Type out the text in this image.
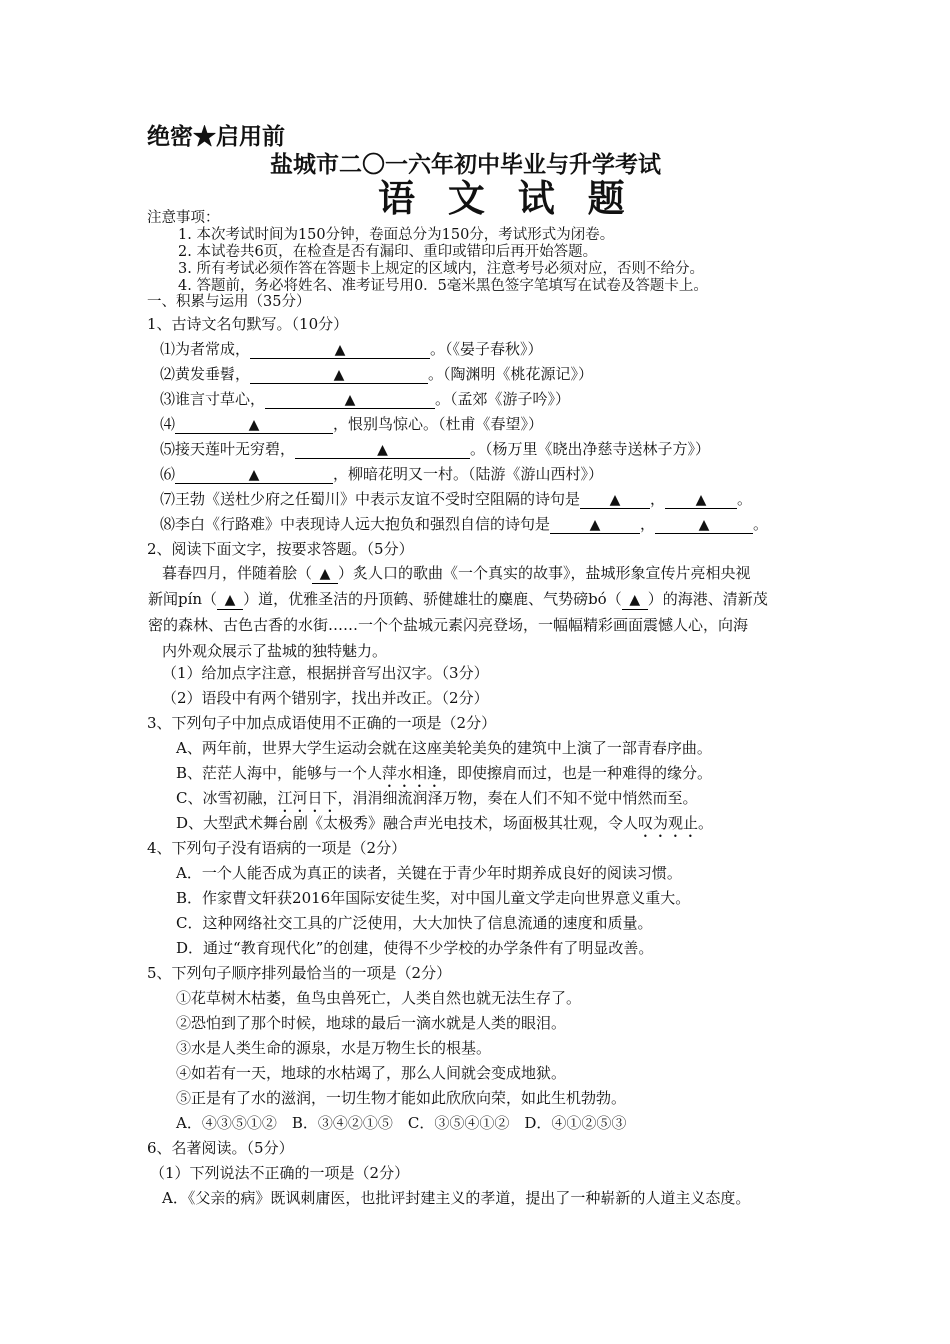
绝密★启用前
盐城市二〇一六年初中毕业与升学考试
语 文 试 题
注意事项：
1. 本次考试时间为150分钟，卷面总分为150分，考试形式为闭卷。
2. 本试卷共6页，在检查是否有漏印、重印或错印后再开始答题。
3. 所有考试必须作答在答题卡上规定的区域内，注意考号必须对应，否则不给分。
4. 答题前，务必将姓名、准考证号用0．5毫米黑色签字笔填写在试卷及答题卡上。
一、积累与运用（35分）
1、古诗文名句默写。（10分）
⑴为者常成，	▲	。（《晏子春秋》）
⑵黄发垂髫，	▲	。（陶渊明《桃花源记》）
⑶谁言寸草心，	▲	。（孟郊《游子吟》）
⑷	▲	，恨别鸟惊心。（杜甫《春望》）
⑸接天莲叶无穷碧，	▲	。（杨万里《晓出净慈寺送林子方》）
⑹	▲	，柳暗花明又一村。（陆游《游山西村》）
⑺王勃《送杜少府之任蜀川》中表示友谊不受时空阻隔的诗句是 ▲ ， ▲ 。
⑻李白《行路难》中表现诗人远大抱负和强烈自信的诗句是	▲	，	▲	。
2、阅读下面文字，按要求答题。（5分）
暮春四月，伴随着脍（ ▲ ）炙人口的歌曲《一个真实的故事》，盐城形象宣传片亮相央视
新闻pín（ ▲ ）道，优雅圣洁的丹顶鹤、骄健雄壮的麋鹿、气势磅bó（ ▲ ）的海港、清新茂
密的森林、古色古香的水街……一个个盐城元素闪亮登场，一幅幅精彩画面震憾人心，向海
内外观众展示了盐城的独特魅力。
（1）给加点字注意，根据拼音写出汉字。（3分）
（2）语段中有两个错别字，找出并改正。（2分）
3、下列句子中加点成语使用不正确的一项是（2分）
A、两年前，世界大学生运动会就在这座美轮美奂的建筑中上演了一部青春序曲。
B、茫茫人海中，能够与一个人萍水相逢，即使擦肩而过，也是一种难得的缘分。
C、冰雪初融，江河日下，涓涓细流润泽万物，奏在人们不知不觉中悄然而至。
D、大型武术舞台剧《太极秀》融合声光电技术，场面极其壮观，令人叹为观止。
4、下列句子没有语病的一项是（2分）
A．一个人能否成为真正的读者，关键在于青少年时期养成良好的阅读习惯。
B．作家曹文轩获2016年国际安徒生奖，对中国儿童文学走向世界意义重大。
C．这种网络社交工具的广泛使用，大大加快了信息流通的速度和质量。
D．通过“教育现代化”的创建，使得不少学校的办学条件有了明显改善。
5、下列句子顺序排列最恰当的一项是（2分）
①花草树木枯萎，鱼鸟虫兽死亡，人类自然也就无法生存了。
②恐怕到了那个时候，地球的最后一滴水就是人类的眼泪。
③水是人类生命的源泉，水是万物生长的根基。
④如若有一天，地球的水枯竭了，那么人间就会变成地狱。
⑤正是有了水的滋润，一切生物才能如此欣欣向荣，如此生机勃勃。
A．④③⑤①②　B．③④②①⑤　C．③⑤④①②　D．④①②⑤③
6、名著阅读。（5分）
（1）下列说法不正确的一项是（2分）
A．《父亲的病》既讽刺庸医，也批评封建主义的孝道，提出了一种崭新的人道主义态度。
